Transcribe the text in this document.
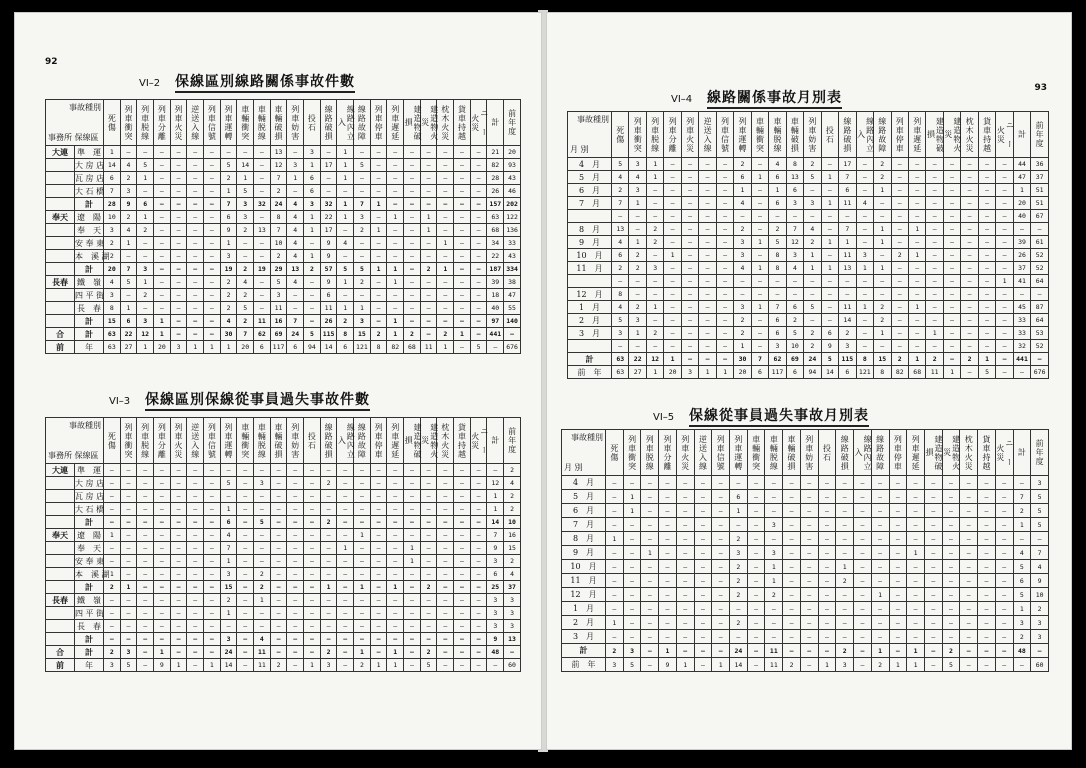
92
VI–2 保線區別線路關係事故件數
事故種別
事務所 保線區		死傷	列車衝突	列車脱線	列車分離	列車火災	逆送入線	列車信號	列車運轉	車輛衝突	車輛脱線	車輛破損	列車妨害	投石	線路破損	線路內立入	線路故障	列車停車	列車遲延	建造物破損	建造物火災	枕木火災	貨車持越	ニ ー 火災	計	前年度

大連	準　運	1	—	—	—	—	—	—	—	—	—	13	—	3	—	1	—	—	—	—	—	—	—	—	21	20
	大 房 店	14	4	5	—	—	—	—	5	14	—	12	3	1	17	1	5	—	—	—	—	—	—	—	82	93
	瓦 房 店	6	2	1	—	—	—	—	2	1	—	7	1	6	—	1	—	—	—	—	—	—	—	—	28	43
	大 石 橋	7	3	—	—	—	—	—	1	5	—	2	—	6	—	—	—	—	—	—	—	—	—	—	26	46
	計	28	9	6	—	—	—	—	7	3	32	24	4	3	32	1	7	1	—	—	—	—	—	—	157	202
奉天	遼　陽	10	2	1	—	—	—	—	6	3	—	8	4	1	22	1	3	—	1	—	1	—	—	—	63	122
	奉　天	3	4	2	—	—	—	—	9	2	13	7	4	1	17	—	2	1	—	—	1	—	—	—	68	136
	安 奉 東	2	1	—	—	—	—	—	1	—	—	10	4	—	9	4	—	—	—	—	—	1	—	—	34	33
	本　溪 湖	2	—	—	—	—	—	—	3	—	—	2	4	1	9	—	—	—	—	—	—	—	—	—	22	43
	計	20	7	3	—	—	—	—	19	2	19	29	13	2	57	5	5	1	1	—	2	1	—	—	187	334
長春	鐵　嶺	4	5	1	—	—	—	—	2	4	—	5	4	—	9	1	2	—	1	—	—	—	—	—	39	38
	四 平 街	3	—	2	—	—	—	—	2	2	—	3	—	—	6	—	—	—	—	—	—	—	—	—	18	47
	長　春	8	1	—	—	—	—	—	2	5	—	11	—	—	11	1	1	—	—	—	—	—	—	—	40	55
	計	15	6	3	1	—	—	—	4	2	11	16	7	—	26	2	3	—	1	—	—	—	—	—	97	140
合	計	63	22	12	1	—	—	—	30	7	62	69	24	5	115	8	15	2	1	2	—	2	1	—	441	—
前	年	63	27	1	20	3	1	1	1	20	6	117	6	94	14	6	121	8	82	68	11	1	—	5	—	676
VI–3 保線區別保線從事員過失事故件數
事故種別
事務所 保線區		死傷	列車衝突	列車脱線	列車分離	列車火災	逆送入線	列車信號	列車運轉	車輛衝突	車輛脱線	車輛破損	列車妨害	投石	線路破損	線路內立入	線路故障	列車停車	列車遲延	建造物破損	建造物火災	枕木火災	貨車持越	ニ ー 火災	計	前年度

大連	準　運	—	—	—	—	—	—	—	—	—	—	—	—	—	—	—	—	—	—	—	—	—	—	—	—	2
	大 房 店	—	—	—	—	—	—	—	5	—	3	—	—	—	2	—	—	—	—	—	—	—	—	—	12	4
	瓦 房 店	—	—	—	—	—	—	—	—	—	—	—	—	—	—	—	—	—	—	—	—	—	—	—	1	2
	大 石 橋	—	—	—	—	—	—	—	1	—	—	—	—	—	—	—	—	—	—	—	—	—	—	—	1	2
	計	—	—	—	—	—	—	—	6	—	5	—	—	—	2	—	—	—	—	—	—	—	—	—	14	10
奉天	遼　陽	1	—	—	—	—	—	—	4	—	—	—	—	—	—	—	1	—	—	—	—	—	—	—	7	16
	奉　天	—	—	—	—	—	—	—	7	—	—	—	—	—	—	1	—	—	—	1	—	—	—	—	9	15
	安 奉 東	—	—	—	—	—	—	—	1	—	—	—	—	—	—	—	—	—	—	1	—	—	—	—	3	2
	本　溪 湖	1	—	—	—	—	—	—	3	—	2	—	—	—	—	—	—	—	—	—	—	—	—	—	6	4
	計	2	1	—	—	—	—	—	15	—	2	—	—	—	1	—	1	—	1	—	2	—	—	—	25	37
長春	鐵　嶺	—	—	—	—	—	—	—	2	—	1	—	—	—	—	—	—	—	—	—	—	—	—	—	3	3
	四 平 街	—	—	—	—	—	—	—	1	—	—	—	—	—	—	—	—	—	—	—	—	—	—	—	3	3
	長　春	—	—	—	—	—	—	—	—	—	—	—	—	—	—	—	—	—	—	—	—	—	—	—	3	3
	計	—	—	—	—	—	—	—	3	—	4	—	—	—	—	—	—	—	—	—	—	—	—	—	9	13
合	計	2	3	—	1	—	—	—	24	—	11	—	—	—	2	—	1	—	1	—	2	—	—	—	48	—
前	年	3	5	—	9	1	—	1	14	—	11	2	—	1	3	—	2	1	1	—	5	—	—	—	—	60
93
VI–4 線路關係事故月別表
事故種別
月 別	死傷	列車衝突	列車脱線	列車分離	列車火災	逆送入線	列車信號	列車運轉	車輛衝突	車輛脱線	車輛破損	列車妨害	投石	線路破損	線路內立入	線路故障	列車停車	列車遲延	建造物破損	建造物火災	枕木火災	貨車持越	ニ ー 火災	計	前年度

4　月	5	3	1	—	—	—	—	2	—	4	8	2	—	17	—	2	—	—	—	—	—	—	—	44	36
5　月	4	4	1	—	—	—	—	6	1	6	13	5	1	7	—	2	—	—	—	—	—	—	—	47	37
6　月	2	3	—	—	—	—	—	1	—	1	6	—	—	6	—	1	—	—	—	—	—	—	—	1	51
7　月	7	1	—	—	—	—	—	4	—	6	3	3	1	11	4	—	—	—	—	—	—	—	—	20	51
	—	—	—	—	—	—	—	—	—	—	—	—	—	—	—	—	—	—	—	—	—	—	—	40	67
8　月	13	—	2	—	—	—	—	2	—	2	7	4	—	7	—	1	—	1	—	—	—	—	—	—	—
9　月	4	1	2	—	—	—	—	3	1	5	12	2	1	1	—	1	—	—	—	—	—	—	—	39	61
10　月	6	2	—	1	—	—	—	3	—	8	3	1	—	11	3	—	2	1	—	—	—	—	—	26	52
11　月	2	2	3	—	—	—	—	4	1	8	4	1	1	13	1	1	—	—	—	—	—	—	—	37	52
	—	—	—	—	—	—	—	—	—	—	—	—	—	—	—	—	—	—	—	—	—	—	1	41	64
12　月	8	—	—	—	—	—	—	—	—	—	—	—	—	—	—	—	—	—	—	—	—	—	—	—	—
1　月	4	2	1	—	—	—	—	3	1	7	6	5	—	11	1	2	—	1	—	—	—	—	—	45	87
2　月	5	3	—	—	—	—	—	2	—	6	2	—	—	14	—	2	—	—	—	—	—	—	—	33	64
3　月	3	1	2	—	—	—	—	2	—	6	5	2	6	2	—	1	—	—	1	—	—	—	—	33	53
	—	—	—	—	—	—	—	1	—	3	10	2	9	3	—	—	—	—	—	—	—	—	—	32	52
計	63	22	12	1	—	—	—	30	7	62	69	24	5	115	8	15	2	1	2	—	2	1	—	441	—
前　年	63	27	1	20	3	1	1	20	6	117	6	94	14	6	121	8	82	68	11	1	—	5	—	—	676
VI–5 保線從事員過失事故月別表
事故種別
月 別	死傷	列車衝突	列車脱線	列車分離	列車火災	逆送入線	列車信號	列車運轉	車輛衝突	車輛脱線	車輛破損	列車妨害	投石	線路破損	線路內立入	線路故障	列車停車	列車遲延	建造物破損	建造物火災	枕木火災	貨車持越	ニ ー 火災	計	前年度

4　月	—	—	—	—	—	—	—	—	—	—	—	—	—	—	—	—	—	—	—	—	—	—	—	—	3
5　月	—	1	—	—	—	—	—	6	—	—	—	—	—	—	—	—	—	—	—	—	—	—	—	7	5
6　月	—	1	—	—	—	—	—	1	—	—	—	—	—	—	—	—	—	—	—	—	—	—	—	2	5
7　月	—	—	—	—	—	—	—	—	—	3	—	—	—	—	—	—	—	—	—	—	—	—	—	1	5
8　月	1	—	—	—	—	—	—	2	—	—	—	—	—	—	—	—	—	—	—	—	—	—	—	—	—
9　月	—	—	1	—	—	—	—	3	—	3	—	—	—	—	—	—	—	1	—	—	—	—	—	4	7
10　月	—	—	—	—	—	—	—	2	—	1	—	—	—	1	—	—	—	—	—	—	—	—	—	5	4
11　月	—	—	—	—	—	—	—	2	—	1	—	—	—	2	—	—	—	—	—	—	—	—	—	6	9
12　月	—	—	—	—	—	—	—	2	—	2	—	—	—	—	—	1	—	—	—	—	—	—	—	5	10
1　月	—	—	—	—	—	—	—	—	—	—	—	—	—	—	—	—	—	—	—	—	—	—	—	1	2
2　月	1	—	—	—	—	—	—	2	—	—	—	—	—	—	—	—	—	—	—	—	—	—	—	3	3
3　月	—	—	—	—	—	—	—	—	—	—	—	—	—	—	—	—	—	—	—	—	—	—	—	2	3
計	2	3	—	1	—	—	—	24	—	11	—	—	—	2	—	1	—	1	—	2	—	—	—	48	—
前　年	3	5	—	9	1	—	1	14	—	11	2	—	1	3	—	2	1	1	—	5	—	—	—	—	60
